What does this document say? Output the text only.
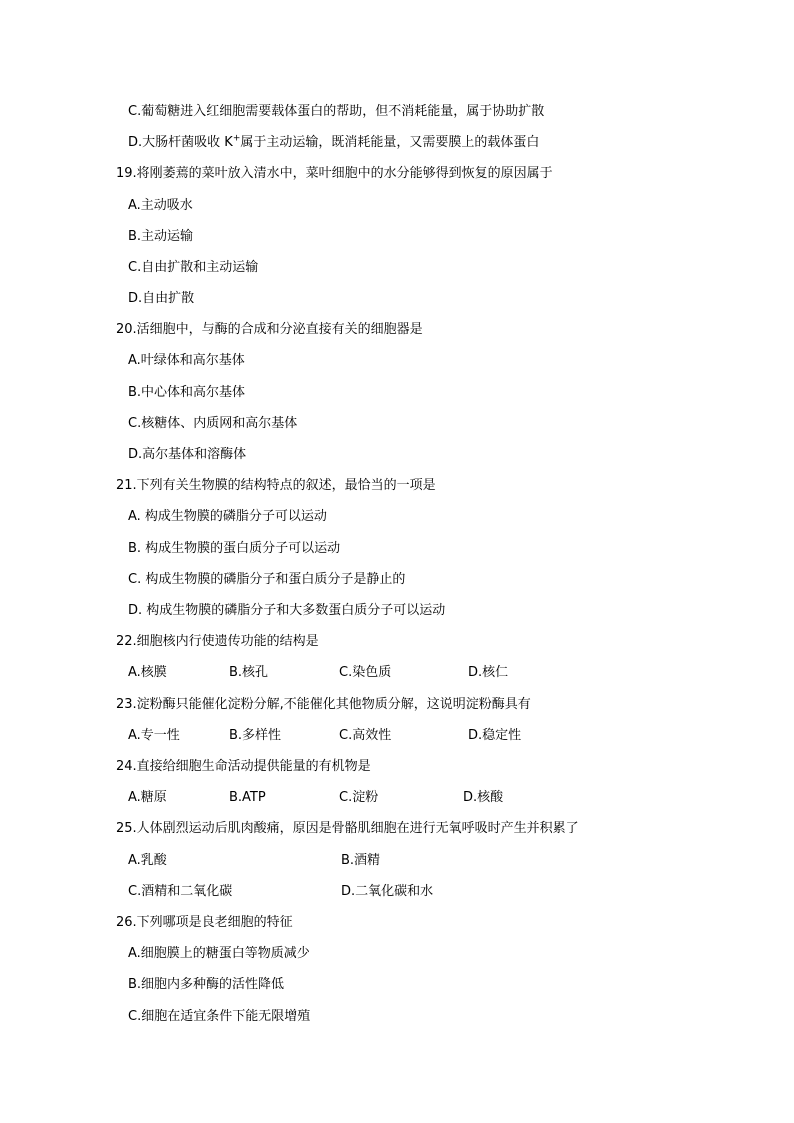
C.葡萄糖进入红细胞需要载体蛋白的帮助，但不消耗能量，属于协助扩散
D.大肠杆菌吸收 K+属于主动运输，既消耗能量，又需要膜上的载体蛋白
19.将刚萎蔫的菜叶放入清水中，菜叶细胞中的水分能够得到恢复的原因属于
A.主动吸水
B.主动运输
C.自由扩散和主动运输
D.自由扩散
20.活细胞中，与酶的合成和分泌直接有关的细胞器是
A.叶绿体和高尔基体
B.中心体和高尔基体
C.核糖体、内质网和高尔基体
D.高尔基体和溶酶体
21.下列有关生物膜的结构特点的叙述，最恰当的一项是
A. 构成生物膜的磷脂分子可以运动
B. 构成生物膜的蛋白质分子可以运动
C. 构成生物膜的磷脂分子和蛋白质分子是静止的
D. 构成生物膜的磷脂分子和大多数蛋白质分子可以运动
22.细胞核内行使遗传功能的结构是
A.核膜	B.核孔	C.染色质	D.核仁
23.淀粉酶只能催化淀粉分解,不能催化其他物质分解，这说明淀粉酶具有
A.专一性	B.多样性	C.高效性	D.稳定性
24.直接给细胞生命活动提供能量的有机物是
A.糖原	B.ATP	C.淀粉	D.核酸
25.人体剧烈运动后肌肉酸痛，原因是骨骼肌细胞在进行无氧呼吸时产生并积累了
A.乳酸	B.酒精
C.酒精和二氧化碳	D.二氧化碳和水
26.下列哪项是良老细胞的特征
A.细胞膜上的糖蛋白等物质减少
B.细胞内多种酶的活性降低
C.细胞在适宜条件下能无限增殖
